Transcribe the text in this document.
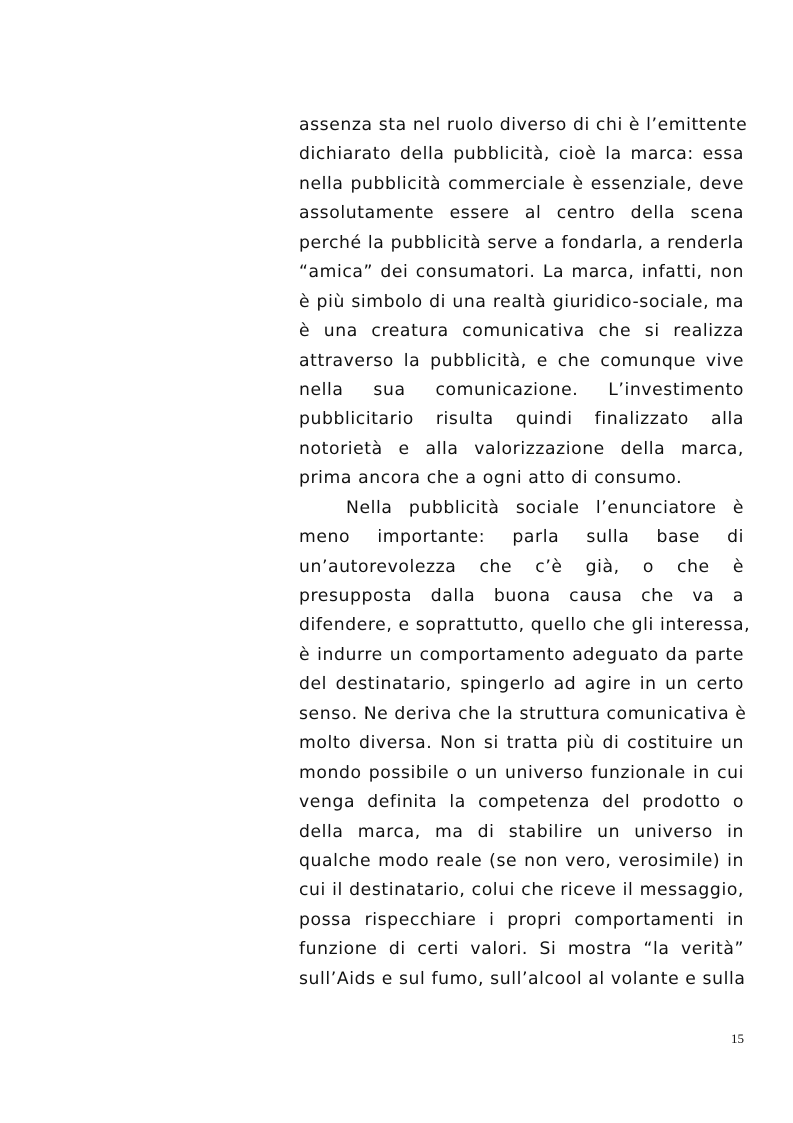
assenza sta nel ruolo diverso di chi è l’emittente
dichiarato della pubblicità, cioè la marca: essa
nella pubblicità commerciale è essenziale, deve
assolutamente essere al centro della scena
perché la pubblicità serve a fondarla, a renderla
“amica” dei consumatori. La marca, infatti, non
è più simbolo di una realtà giuridico-sociale, ma
è una creatura comunicativa che si realizza
attraverso la pubblicità, e che comunque vive
nella sua comunicazione. L’investimento
pubblicitario risulta quindi finalizzato alla
notorietà e alla valorizzazione della marca,
prima ancora che a ogni atto di consumo.
Nella pubblicità sociale l’enunciatore è
meno importante: parla sulla base di
un’autorevolezza che c’è già, o che è
presupposta dalla buona causa che va a
difendere, e soprattutto, quello che gli interessa,
è indurre un comportamento adeguato da parte
del destinatario, spingerlo ad agire in un certo
senso. Ne deriva che la struttura comunicativa è
molto diversa. Non si tratta più di costituire un
mondo possibile o un universo funzionale in cui
venga definita la competenza del prodotto o
della marca, ma di stabilire un universo in
qualche modo reale (se non vero, verosimile) in
cui il destinatario, colui che riceve il messaggio,
possa rispecchiare i propri comportamenti in
funzione di certi valori. Si mostra “la verità”
sull’Aids e sul fumo, sull’alcool al volante e sulla
15
